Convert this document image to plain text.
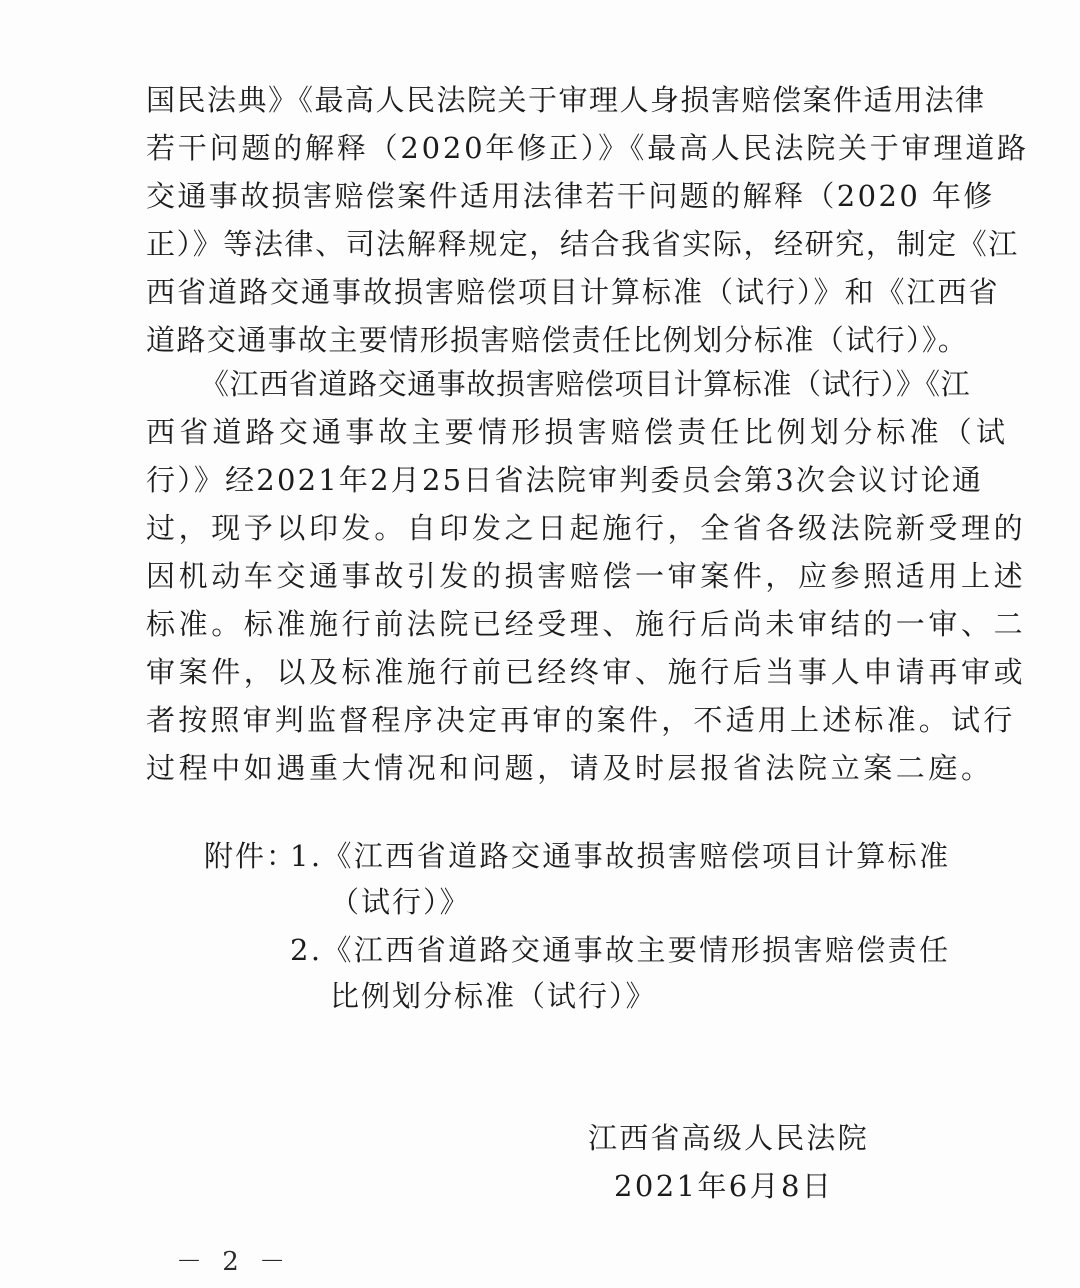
国民法典》《最高人民法院关于审理人身损害赔偿案件适用法律
若干问题的解释（2020年修正）》《最高人民法院关于审理道路
交通事故损害赔偿案件适用法律若干问题的解释（2020 年修
正）》等法律、司法解释规定，结合我省实际，经研究，制定《江
西省道路交通事故损害赔偿项目计算标准（试行）》和《江西省
道路交通事故主要情形损害赔偿责任比例划分标准（试行）》。
《江西省道路交通事故损害赔偿项目计算标准（试行）》《江
西省道路交通事故主要情形损害赔偿责任比例划分标准（试
行）》经2021年2月25日省法院审判委员会第3次会议讨论通
过，现予以印发。自印发之日起施行，全省各级法院新受理的
因机动车交通事故引发的损害赔偿一审案件，应参照适用上述
标准。标准施行前法院已经受理、施行后尚未审结的一审、二
审案件，以及标准施行前已经终审、施行后当事人申请再审或
者按照审判监督程序决定再审的案件，不适用上述标准。试行
过程中如遇重大情况和问题，请及时层报省法院立案二庭。
附件：
1.《江西省道路交通事故损害赔偿项目计算标准
（试行）》
2.《江西省道路交通事故主要情形损害赔偿责任
比例划分标准（试行）》
江西省高级人民法院
2021年6月8日
－ 2 －
